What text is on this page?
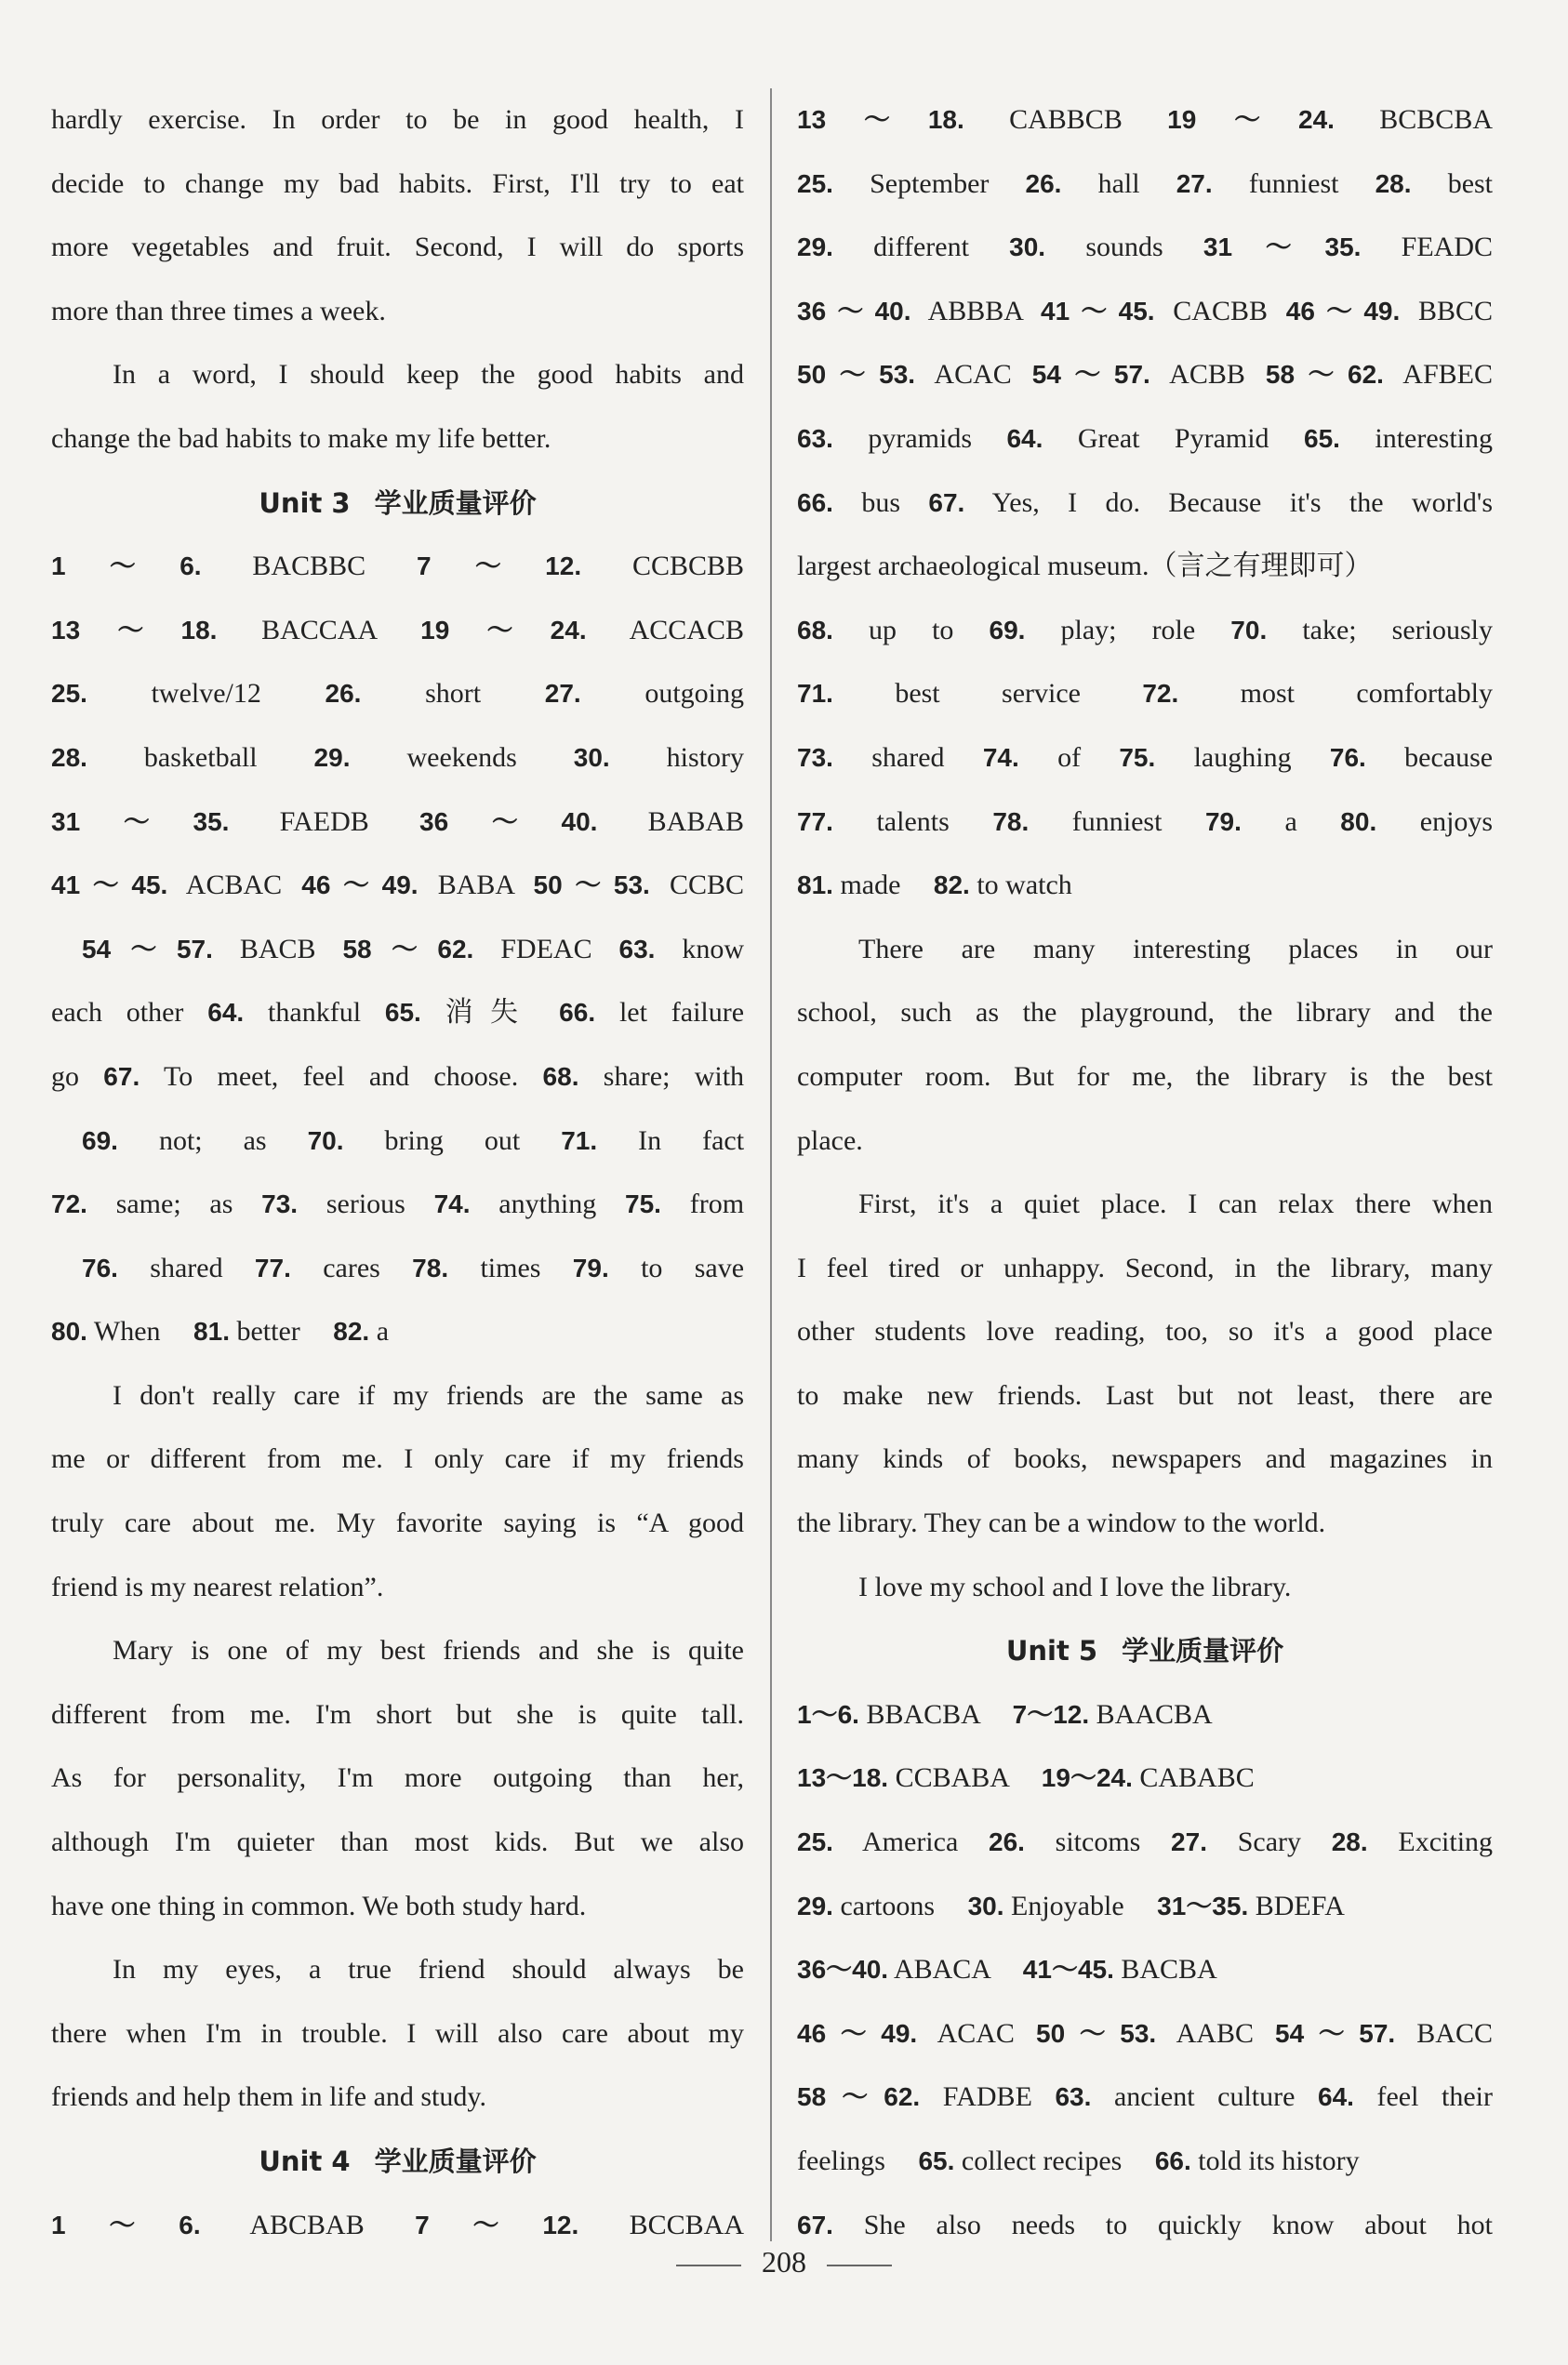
hardly exercise. In order to be in good health, I
decide to change my bad habits. First, I'll try to eat
more vegetables and fruit. Second, I will do sports
more than three times a week.
In a word, I should keep the good habits and
change the bad habits to make my life better.
Unit 3 学业质量评价
1～6. BACBBC 7～12. CCBCBB
13～18. BACCAA 19～24. ACCACB
25. twelve/12 26. short 27. outgoing
28. basketball 29. weekends 30. history
31～35. FAEDB 36～40. BABAB
41～45. ACBAC 46～49. BABA 50～53. CCBC
54～57. BACB 58～62. FDEAC 63. know
each other 64. thankful 65. 消失 66. let failure
go 67. To meet, feel and choose. 68. share; with
69. not; as 70. bring out 71. In fact
72. same; as 73. serious 74. anything 75. from
76. shared 77. cares 78. times 79. to save
80. When 81. better 82. a
I don't really care if my friends are the same as
me or different from me. I only care if my friends
truly care about me. My favorite saying is “A good
friend is my nearest relation”.
Mary is one of my best friends and she is quite
different from me. I'm short but she is quite tall.
As for personality, I'm more outgoing than her,
although I'm quieter than most kids. But we also
have one thing in common. We both study hard.
In my eyes, a true friend should always be
there when I'm in trouble. I will also care about my
friends and help them in life and study.
Unit 4 学业质量评价
1～6. ABCBAB 7～12. BCCBAA
13～18. CABBCB 19～24. BCBCBA
25. September 26. hall 27. funniest 28. best
29. different 30. sounds 31～35. FEADC
36～40. ABBBA 41～45. CACBB 46～49. BBCC
50～53. ACAC 54～57. ACBB 58～62. AFBEC
63. pyramids 64. Great Pyramid 65. interesting
66. bus 67. Yes, I do. Because it's the world's
largest archaeological museum.（言之有理即可）
68. up to 69. play; role 70. take; seriously
71. best service 72. most comfortably
73. shared 74. of 75. laughing 76. because
77. talents 78. funniest 79. a 80. enjoys
81. made 82. to watch
There are many interesting places in our
school, such as the playground, the library and the
computer room. But for me, the library is the best
place.
First, it's a quiet place. I can relax there when
I feel tired or unhappy. Second, in the library, many
other students love reading, too, so it's a good place
to make new friends. Last but not least, there are
many kinds of books, newspapers and magazines in
the library. They can be a window to the world.
I love my school and I love the library.
Unit 5 学业质量评价
1～6. BBACBA 7～12. BAACBA
13～18. CCBABA 19～24. CABABC
25. America 26. sitcoms 27. Scary 28. Exciting
29. cartoons 30. Enjoyable 31～35. BDEFA
36～40. ABACA 41～45. BACBA
46～49. ACAC 50～53. AABC 54～57. BACC
58～62. FADBE 63. ancient culture 64. feel their
feelings 65. collect recipes 66. told its history
67. She also needs to quickly know about hot
208
